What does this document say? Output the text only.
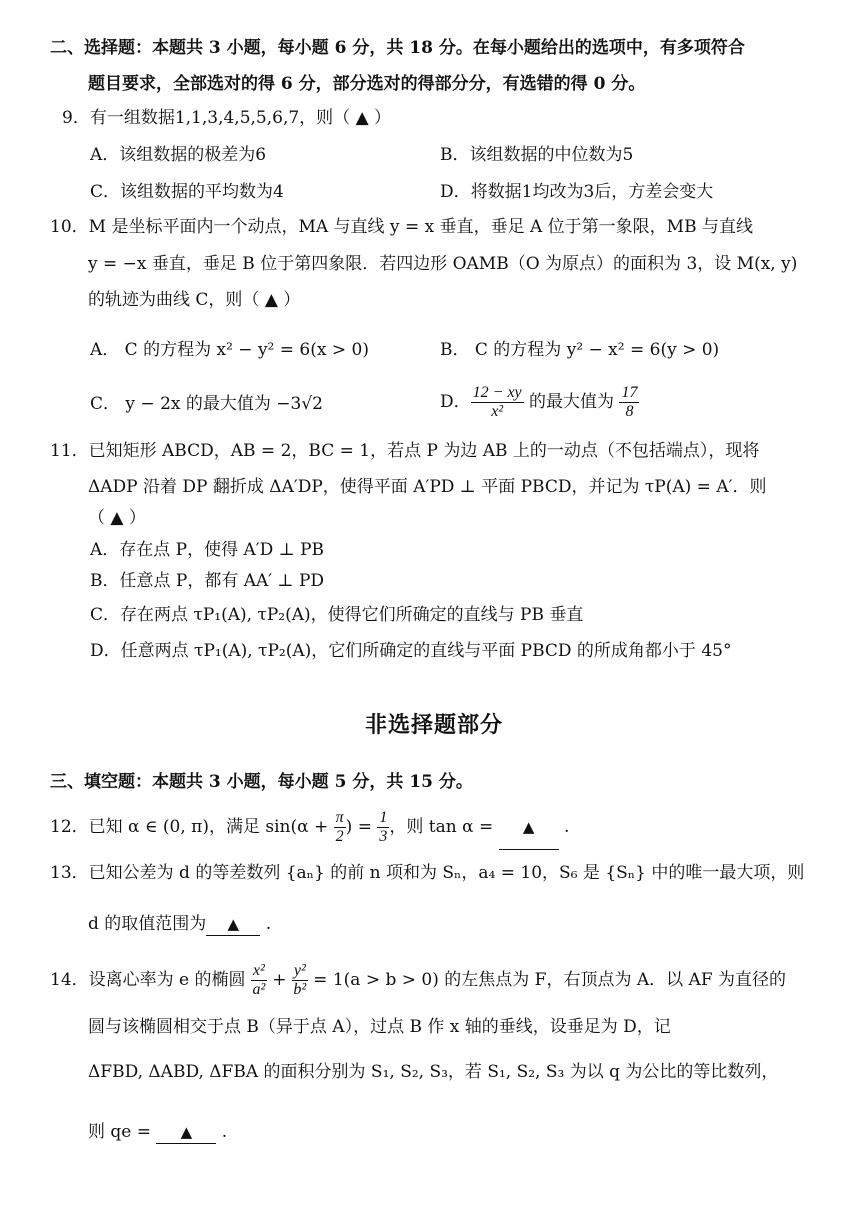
二、选择题：本题共 3 小题，每小题 6 分，共 18 分。在每小题给出的选项中，有多项符合
题目要求，全部选对的得 6 分，部分选对的得部分分，有选错的得 0 分。
9．有一组数据1,1,3,4,5,5,6,7，则（ ▲ ）
A．该组数据的极差为6	B．该组数据的中位数为5
C．该组数据的平均数为4	D．将数据1均改为3后，方差会变大
10．M 是坐标平面内一个动点，MA 与直线 y = x 垂直，垂足 A 位于第一象限，MB 与直线
y = −x 垂直，垂足 B 位于第四象限．若四边形 OAMB（O 为原点）的面积为 3，设 M(x, y)
的轨迹为曲线 C，则（ ▲ ）
A． C 的方程为 x² − y² = 6(x > 0)	B． C 的方程为 y² − x² = 6(y > 0)
C． y − 2x 的最大值为 −3√2	D． $\frac{12 - xy}{\text{x²}}$ 的最大值为 $\frac{17}{8}$
11．已知矩形 ABCD，AB = 2，BC = 1，若点 P 为边 AB 上的一动点（不包括端点），现将
ΔADP 沿着 DP 翻折成 ΔA′DP，使得平面 A′PD ⊥ 平面 PBCD，并记为 τP(A) = A′．则
（ ▲ ）
A．存在点 P，使得 A′D ⊥ PB
B．任意点 P，都有 AA′ ⊥ PD
C．存在两点 τP₁(A), τP₂(A)，使得它们所确定的直线与 PB 垂直
D．任意两点 τP₁(A), τP₂(A)，它们所确定的直线与平面 PBCD 的所成角都小于 45°
非选择题部分
三、填空题：本题共 3 小题，每小题 5 分，共 15 分。
12．已知 α ∈ (0, π)，满足 $\sin(\alpha + \frac{\pi}{2}$ ) = $\frac{1}{3}$ ，则 tan α = ▲ .
13．已知公差为 d 的等差数列 {aₙ} 的前 n 项和为 Sₙ，a₄ = 10，S₆ 是 {Sₙ} 中的唯一最大项，则
d 的取值范围为 ▲ .
14．设离心率为 e 的椭圆 $\frac{\text{x²}}{\text{a²}} + \frac{\text{y²}}{\text{b²}} = 1(a > b > 0)$ 的左焦点为 F，右顶点为 A．以 AF 为直径的
圆与该椭圆相交于点 B（异于点 A），过点 B 作 x 轴的垂线，设垂足为 D，记
ΔFBD, ΔABD, ΔFBA 的面积分别为 S₁, S₂, S₃，若 S₁, S₂, S₃ 为以 q 为公比的等比数列，
则 qe = ▲ .
